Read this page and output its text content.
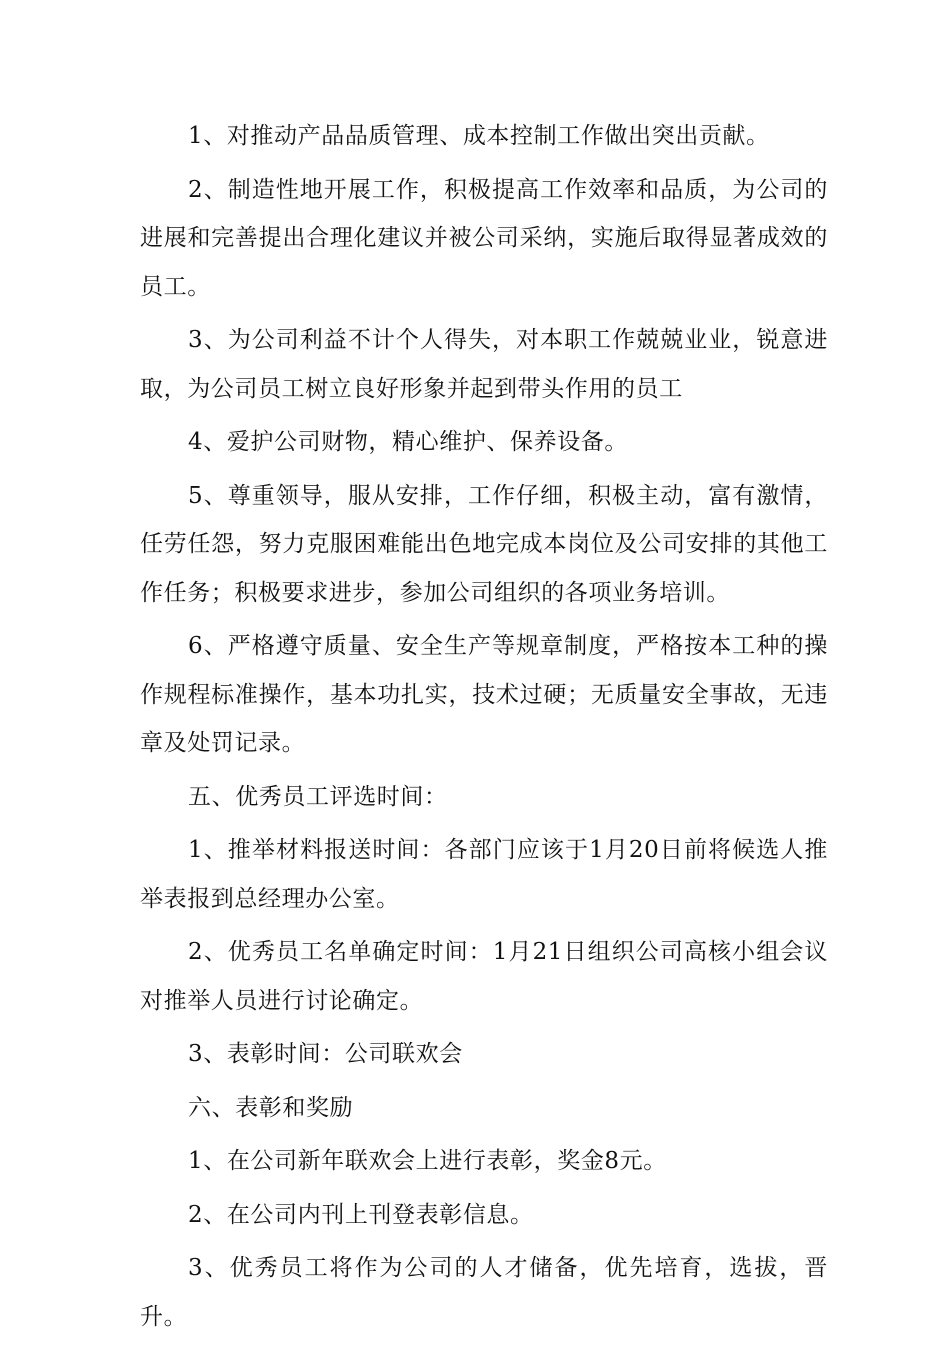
1、对推动产品品质管理、成本控制工作做出突出贡献。

2、制造性地开展工作，积极提高工作效率和品质，为公司的进展和完善提出合理化建议并被公司采纳，实施后取得显著成效的员工。

3、为公司利益不计个人得失，对本职工作兢兢业业，锐意进取，为公司员工树立良好形象并起到带头作用的员工

4、爱护公司财物，精心维护、保养设备。

5、尊重领导，服从安排，工作仔细，积极主动，富有激情，任劳任怨，努力克服困难能出色地完成本岗位及公司安排的其他工作任务；积极要求进步，参加公司组织的各项业务培训。

6、严格遵守质量、安全生产等规章制度，严格按本工种的操作规程标准操作，基本功扎实，技术过硬；无质量安全事故，无违章及处罚记录。

五、优秀员工评选时间：

1、推举材料报送时间：各部门应该于1月20日前将候选人推举表报到总经理办公室。

2、优秀员工名单确定时间：1月21日组织公司高核小组会议对推举人员进行讨论确定。

3、表彰时间：公司联欢会

六、表彰和奖励

1、在公司新年联欢会上进行表彰，奖金8元。

2、在公司内刊上刊登表彰信息。

3、优秀员工将作为公司的人才储备，优先培育，选拔，晋升。
